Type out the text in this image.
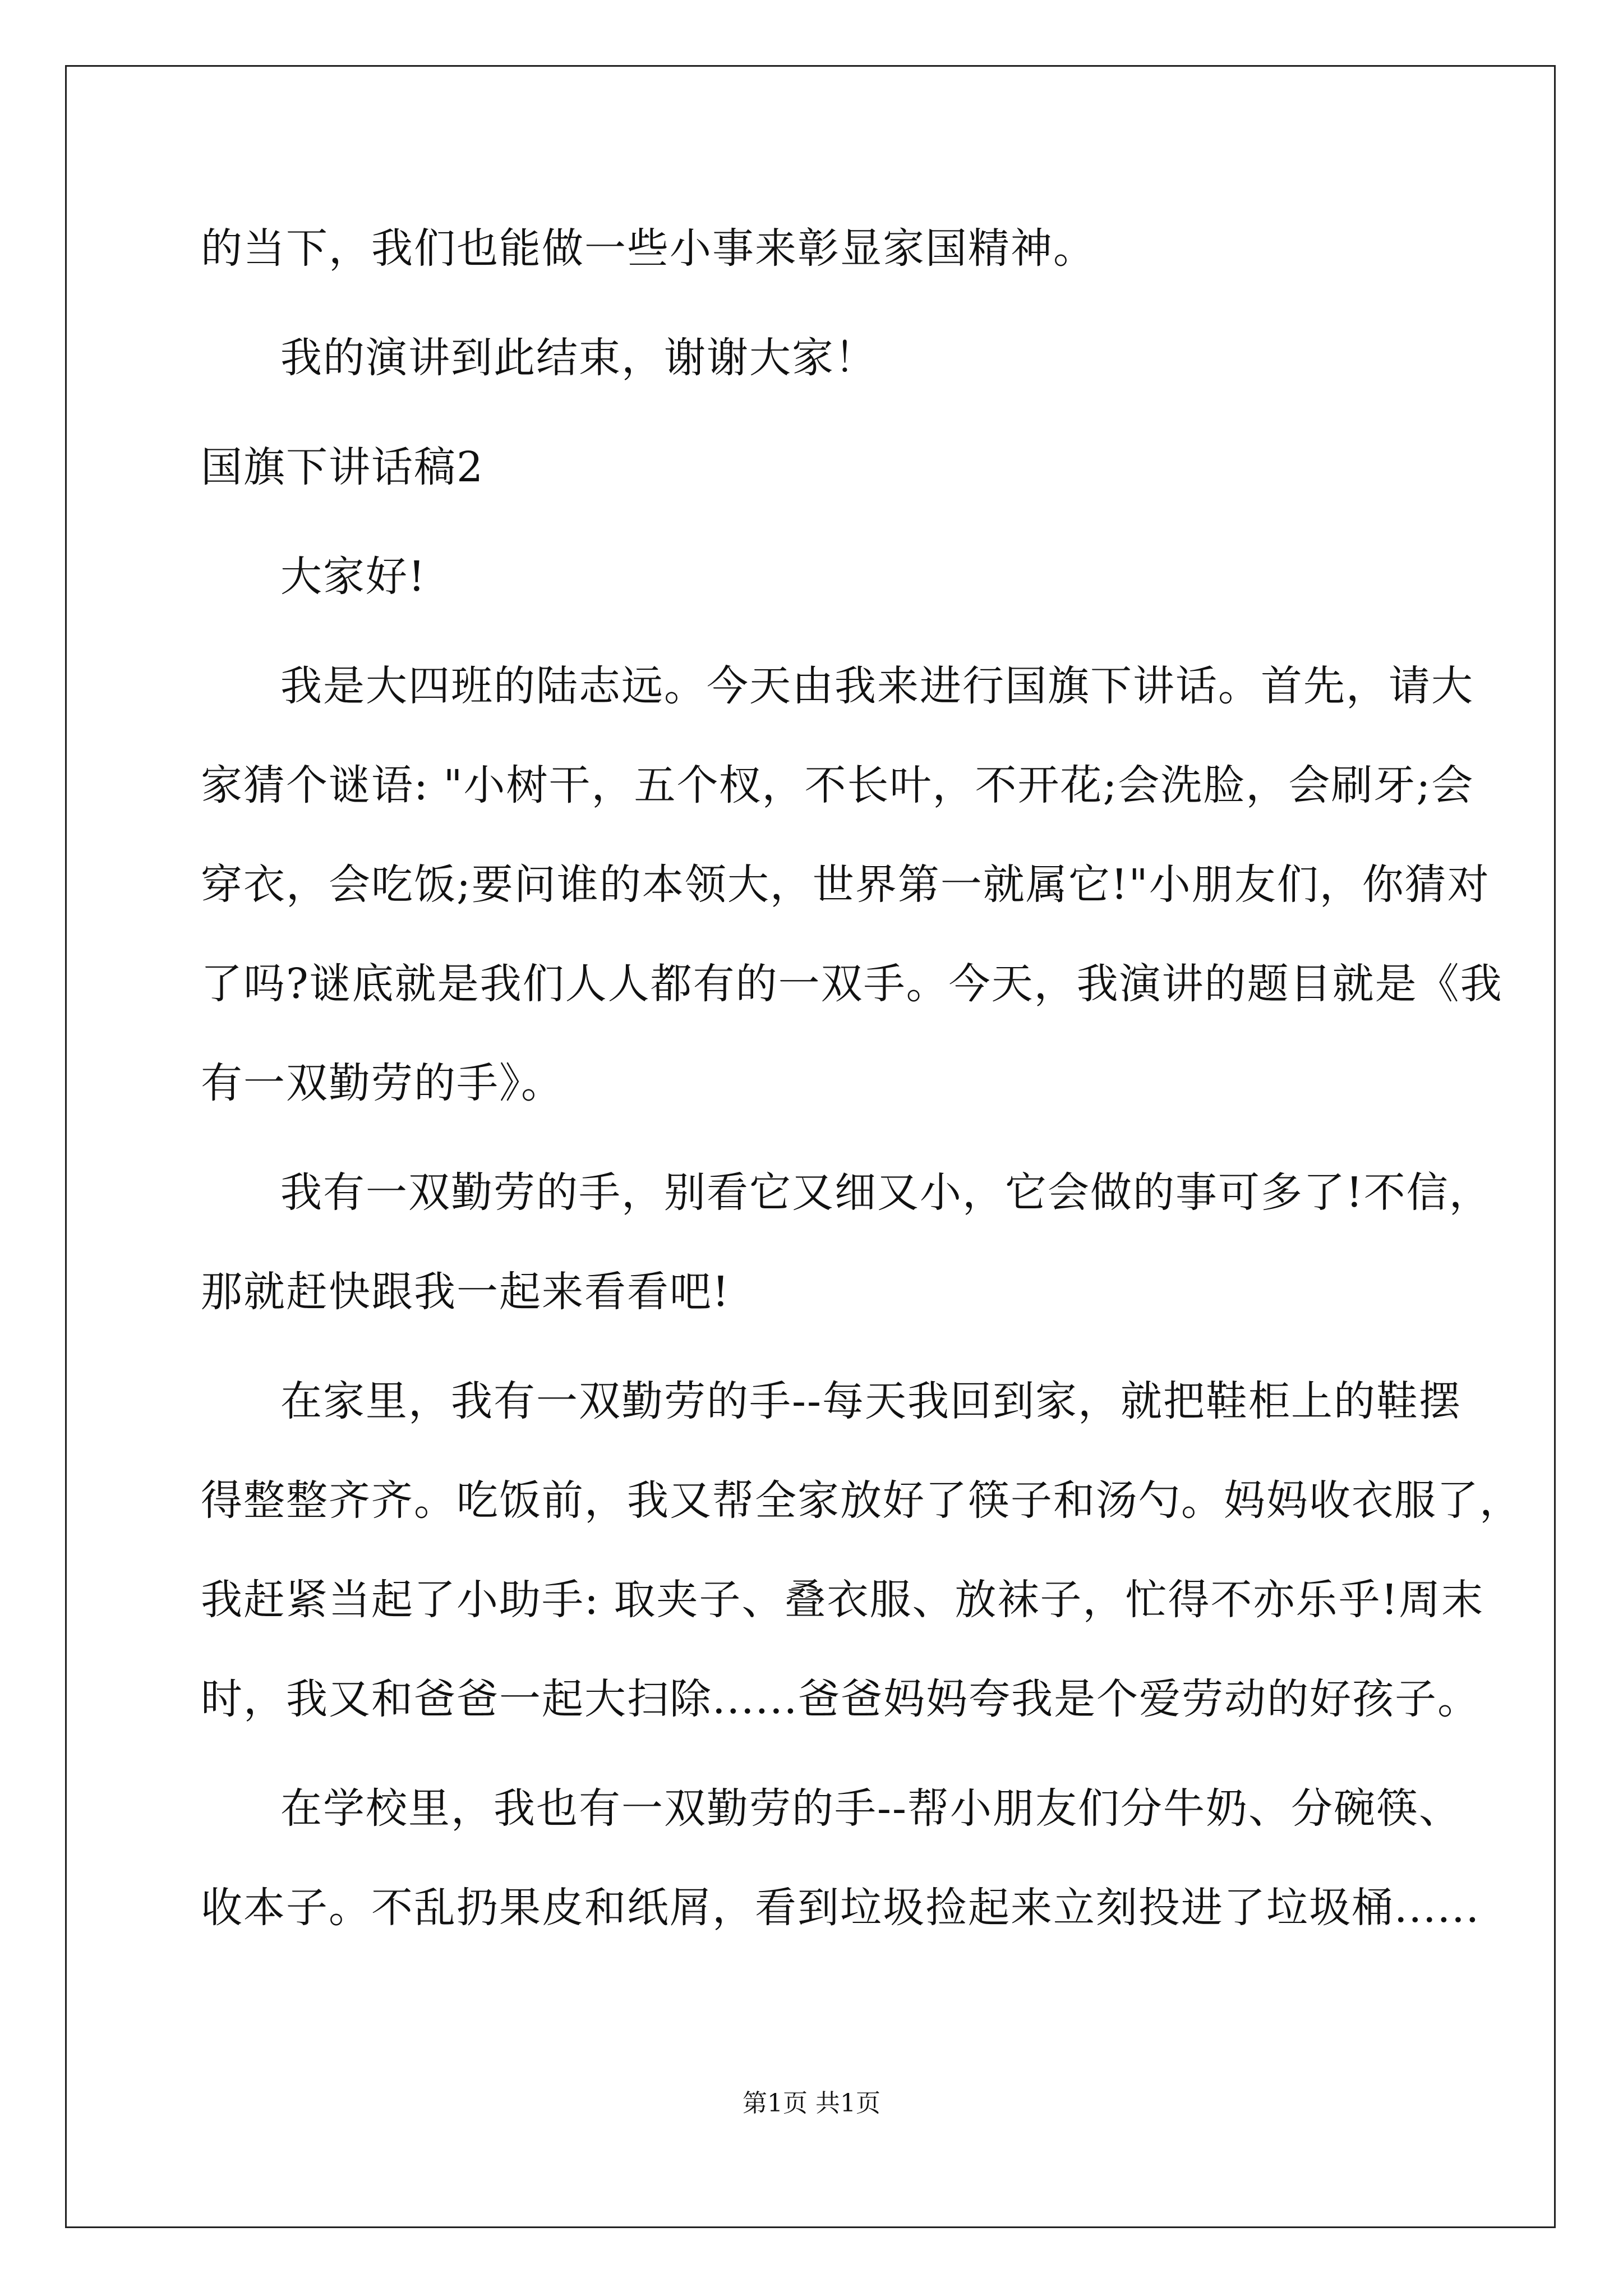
的当下，我们也能做一些小事来彰显家国精神。
我的演讲到此结束，谢谢大家！
国旗下讲话稿2
大家好!
我是大四班的陆志远。今天由我来进行国旗下讲话。首先，请大
家猜个谜语: "小树干，五个杈，不长叶，不开花;会洗脸，会刷牙;会
穿衣，会吃饭;要问谁的本领大，世界第一就属它!"小朋友们，你猜对
了吗?谜底就是我们人人都有的一双手。今天，我演讲的题目就是《我
有一双勤劳的手》。
我有一双勤劳的手，别看它又细又小，它会做的事可多了!不信，
那就赶快跟我一起来看看吧!
在家里，我有一双勤劳的手--每天我回到家，就把鞋柜上的鞋摆
得整整齐齐。吃饭前，我又帮全家放好了筷子和汤勺。妈妈收衣服了，
我赶紧当起了小助手: 取夹子、叠衣服、放袜子，忙得不亦乐乎!周末
时，我又和爸爸一起大扫除......爸爸妈妈夸我是个爱劳动的好孩子。
在学校里，我也有一双勤劳的手--帮小朋友们分牛奶、分碗筷、
收本子。不乱扔果皮和纸屑，看到垃圾捡起来立刻投进了垃圾桶......
第1页 共1页
